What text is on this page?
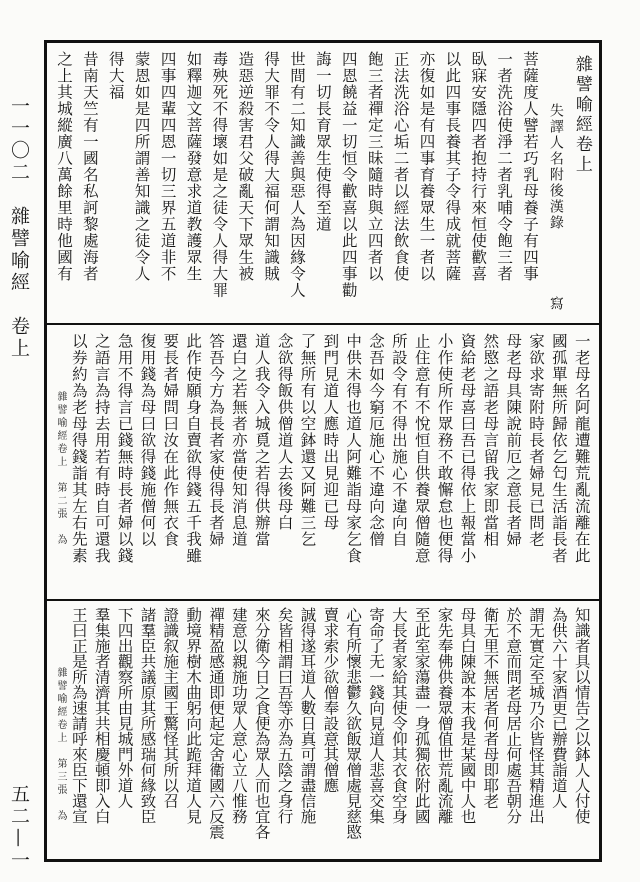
一一〇二　雜譬喻經　卷上
五二—一
雜譬喻經卷上
失譯人名附後漢錄
寫
菩薩度人譬若巧乳母養子有四事
一者洗浴使淨二者乳哺令飽三者
臥寐安隱四者抱持行來恒使歡喜
以此四事長養其子令得成就菩薩
亦復如是有四事育養眾生一者以
正法洗浴心垢二者以經法飲食使
飽三者禪定三昧隨時與立四者以
四恩饒益一切恒令歡喜以此四事勸
誨一切長育眾生使得至道
世間有二知識善與惡人為因緣令人
得大罪不令人得大福何謂知識賊
造惡逆殺害君父破亂天下眾生被
毒殃死不得壞如是之徒令人得大罪
如釋迦文菩薩發意求道教護眾生
四事四輩四恩一切三界五道非不
蒙恩如是四所謂善知識之徒令人
得大福
昔南天竺有一國名私訶黎處海者
之上其城縱廣八萬餘里時他國有
一老母名阿龍遭難荒亂流離在此
國孤單無所歸依乞匄生活詣長者
家欲求寄附時長者婦見已問老
母老母具陳說前厄之意長者婦
然愍之語老母言留我家即當相
資給老母喜曰吾已得依上報當小
小作使所作眾務不敢懈怠也便得
止住意有不悅恒自供養眾僧隨意
所設令有不得出施心不違向自
念吾如今窮厄施心不違向念僧
中供未得也道人阿難詣母家乞食
到門見道人應時出見迎已母
了無所有以空鉢還又阿難三乞
念欲得飯供僧道人去後母白
道人我令入城覓之若得供辦當
還白之若無者亦當使知消息道
答吾今方為長者家使得長者婦
此作使願身自賣欲得錢五千我雖
要長者婦問曰汝在此作無衣食
復用錢為母曰欲得錢施僧何以
急用不得言已錢無時長者婦以錢
之語言為持去用若有時自可還我
以券約為老母得錢詣其左右先素
雜譬喻經卷上　第二張　為
知識者具以情告之以鉢人人付使
為供六十家酒更已辦費詣道人
謂无實定至城乃尒皆怪其精進出
於不意而問老母居止何處吾朝分
衛无里不無居者何者母即耶老
母具白陳說本末我是某國中人也
家先奉佛供養眾僧值世荒亂流離
至此室家蕩盡一身孤獨依附此國
大長者家給其使令仰其衣食空身
寄命了无一錢向見道人悲喜交集
心有所懷悲鬱久欲飯眾僧處見慈愍
賣求索少欲僧奉設意其僧應
誠得遂耳道人數日真可謂盡信施
矣皆相謂曰吾等亦為五陰之身行
來分衛今日之食便為眾人而也宜各
建意以親施功眾人意心立八惟務
禪精盈感通即便起定舍衛國六反震
動境界樹木曲躬向此跪拜道人見
證識叙施主國王驚怪其所以召
諸羣臣共議原其所感瑞何緣致臣
下四出觀察所由見城門外道人
羣集施者清濟其共相慶頓即入白
王曰正是所為速請呼來臣下還宣
雜譬喻經卷上　第三張　為
